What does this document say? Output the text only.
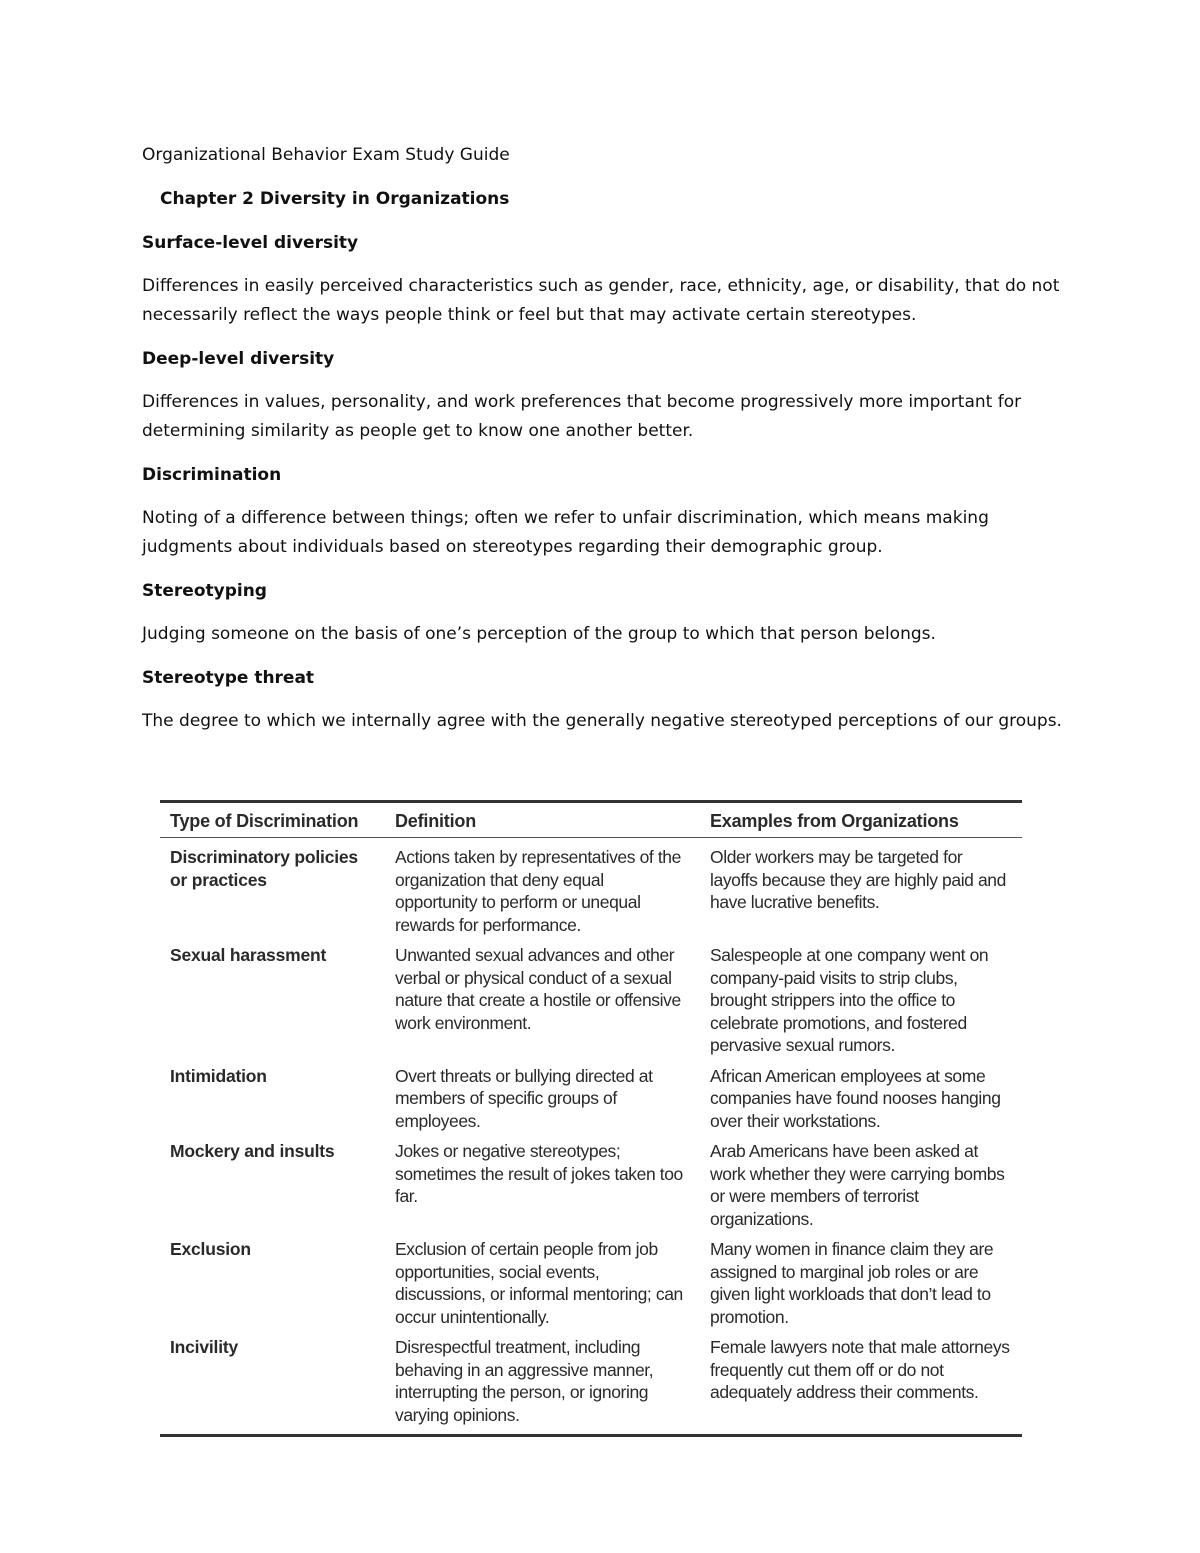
Organizational Behavior Exam Study Guide

Chapter 2 Diversity in Organizations

Surface-level diversity

Differences in easily perceived characteristics such as gender, race, ethnicity, age, or disability, that do not necessarily reflect the ways people think or feel but that may activate certain stereotypes.

Deep-level diversity

Differences in values, personality, and work preferences that become progressively more important for determining similarity as people get to know one another better.

Discrimination

Noting of a difference between things; often we refer to unfair discrimination, which means making judgments about individuals based on stereotypes regarding their demographic group.

Stereotyping

Judging someone on the basis of one’s perception of the group to which that person belongs.

Stereotype threat

The degree to which we internally agree with the generally negative stereotyped perceptions of our groups.

Type of Discrimination	Definition	Examples from Organizations
Discriminatory policies or practices	Actions taken by representatives of the organization that deny equal opportunity to perform or unequal rewards for performance.	Older workers may be targeted for layoffs because they are highly paid and have lucrative benefits.
Sexual harassment	Unwanted sexual advances and other verbal or physical conduct of a sexual nature that create a hostile or offensive work environment.	Salespeople at one company went on company-paid visits to strip clubs, brought strippers into the office to celebrate promotions, and fostered pervasive sexual rumors.
Intimidation	Overt threats or bullying directed at members of specific groups of employees.	African American employees at some companies have found nooses hanging over their workstations.
Mockery and insults	Jokes or negative stereotypes; sometimes the result of jokes taken too far.	Arab Americans have been asked at work whether they were carrying bombs or were members of terrorist organizations.
Exclusion	Exclusion of certain people from job opportunities, social events, discussions, or informal mentoring; can occur unintentionally.	Many women in finance claim they are assigned to marginal job roles or are given light workloads that don’t lead to promotion.
Incivility	Disrespectful treatment, including behaving in an aggressive manner, interrupting the person, or ignoring varying opinions.	Female lawyers note that male attorneys frequently cut them off or do not adequately address their comments.
